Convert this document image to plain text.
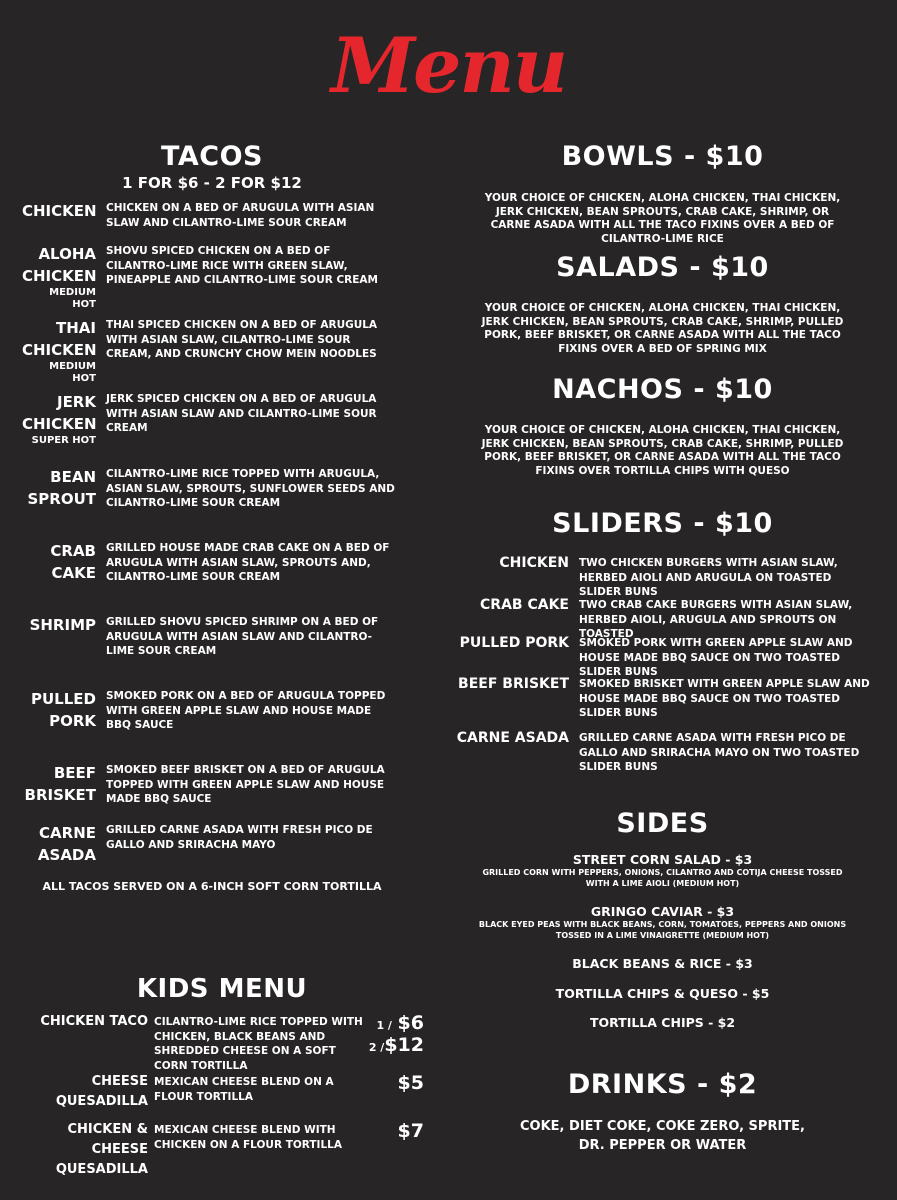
Menu
TACOS
1 FOR $6 - 2 FOR $12
CHICKEN CHICKEN ON A BED OF ARUGULA WITH ASIAN SLAW AND CILANTRO-LIME SOUR CREAM
ALOHA CHICKEN
MEDIUM HOT
SHOVU SPICED CHICKEN ON A BED OF CILANTRO-LIME RICE WITH GREEN SLAW, PINEAPPLE AND CILANTRO-LIME SOUR CREAM
THAI CHICKEN
MEDIUM HOT
THAI SPICED CHICKEN ON A BED OF ARUGULA WITH ASIAN SLAW, CILANTRO-LIME SOUR CREAM, AND CRUNCHY CHOW MEIN NOODLES
JERK CHICKEN
SUPER HOT
JERK SPICED CHICKEN ON A BED OF ARUGULA WITH ASIAN SLAW AND CILANTRO-LIME SOUR CREAM
BEAN SPROUT
CILANTRO-LIME RICE TOPPED WITH ARUGULA, ASIAN SLAW, SPROUTS, SUNFLOWER SEEDS AND CILANTRO-LIME SOUR CREAM
CRAB CAKE
GRILLED HOUSE MADE CRAB CAKE ON A BED OF ARUGULA WITH ASIAN SLAW, SPROUTS AND, CILANTRO-LIME SOUR CREAM
SHRIMP GRILLED SHOVU SPICED SHRIMP ON A BED OF ARUGULA WITH ASIAN SLAW AND CILANTRO-LIME SOUR CREAM
PULLED PORK
SMOKED PORK ON A BED OF ARUGULA TOPPED WITH GREEN APPLE SLAW AND HOUSE MADE BBQ SAUCE
BEEF BRISKET
SMOKED BEEF BRISKET ON A BED OF ARUGULA TOPPED WITH GREEN APPLE SLAW AND HOUSE MADE BBQ SAUCE
CARNE ASADA
GRILLED CARNE ASADA WITH FRESH PICO DE GALLO AND SRIRACHA MAYO
ALL TACOS SERVED ON A 6-INCH SOFT CORN TORTILLA
KIDS MENU
CHICKEN TACO CILANTRO-LIME RICE TOPPED WITH CHICKEN, BLACK BEANS AND SHREDDED CHEESE ON A SOFT CORN TORTILLA
1 / $6
2 /$12
CHEESE QUESADILLA
MEXICAN CHEESE BLEND ON A FLOUR TORTILLA
$5
CHICKEN & CHEESE QUESADILLA
MEXICAN CHEESE BLEND WITH CHICKEN ON A FLOUR TORTILLA
$7
BOWLS - $10
YOUR CHOICE OF CHICKEN, ALOHA CHICKEN, THAI CHICKEN, JERK CHICKEN, BEAN SPROUTS, CRAB CAKE, SHRIMP, OR CARNE ASADA WITH ALL THE TACO FIXINS OVER A BED OF CILANTRO-LIME RICE
SALADS - $10
YOUR CHOICE OF CHICKEN, ALOHA CHICKEN, THAI CHICKEN, JERK CHICKEN, BEAN SPROUTS, CRAB CAKE, SHRIMP, PULLED PORK, BEEF BRISKET, OR CARNE ASADA WITH ALL THE TACO FIXINS OVER A BED OF SPRING MIX
NACHOS - $10
YOUR CHOICE OF CHICKEN, ALOHA CHICKEN, THAI CHICKEN, JERK CHICKEN, BEAN SPROUTS, CRAB CAKE, SHRIMP, PULLED PORK, BEEF BRISKET, OR CARNE ASADA WITH ALL THE TACO FIXINS OVER TORTILLA CHIPS WITH QUESO
SLIDERS - $10
CHICKEN TWO CHICKEN BURGERS WITH ASIAN SLAW, HERBED AIOLI AND ARUGULA ON TOASTED SLIDER BUNS
CRAB CAKE TWO CRAB CAKE BURGERS WITH ASIAN SLAW, HERBED AIOLI, ARUGULA AND SPROUTS ON TOASTED
PULLED PORK SMOKED PORK WITH GREEN APPLE SLAW AND HOUSE MADE BBQ SAUCE ON TWO TOASTED SLIDER BUNS
BEEF BRISKET SMOKED BRISKET WITH GREEN APPLE SLAW AND HOUSE MADE BBQ SAUCE ON TWO TOASTED SLIDER BUNS
CARNE ASADA GRILLED CARNE ASADA WITH FRESH PICO DE GALLO AND SRIRACHA MAYO ON TWO TOASTED SLIDER BUNS
SIDES
STREET CORN SALAD - $3
GRILLED CORN WITH PEPPERS, ONIONS, CILANTRO AND COTIJA CHEESE TOSSED WITH A LIME AIOLI (MEDIUM HOT)
GRINGO CAVIAR - $3
BLACK EYED PEAS WITH BLACK BEANS, CORN, TOMATOES, PEPPERS AND ONIONS TOSSED IN A LIME VINAIGRETTE (MEDIUM HOT)
BLACK BEANS & RICE - $3
TORTILLA CHIPS & QUESO - $5
TORTILLA CHIPS - $2
DRINKS - $2
COKE, DIET COKE, COKE ZERO, SPRITE,
DR. PEPPER OR WATER
